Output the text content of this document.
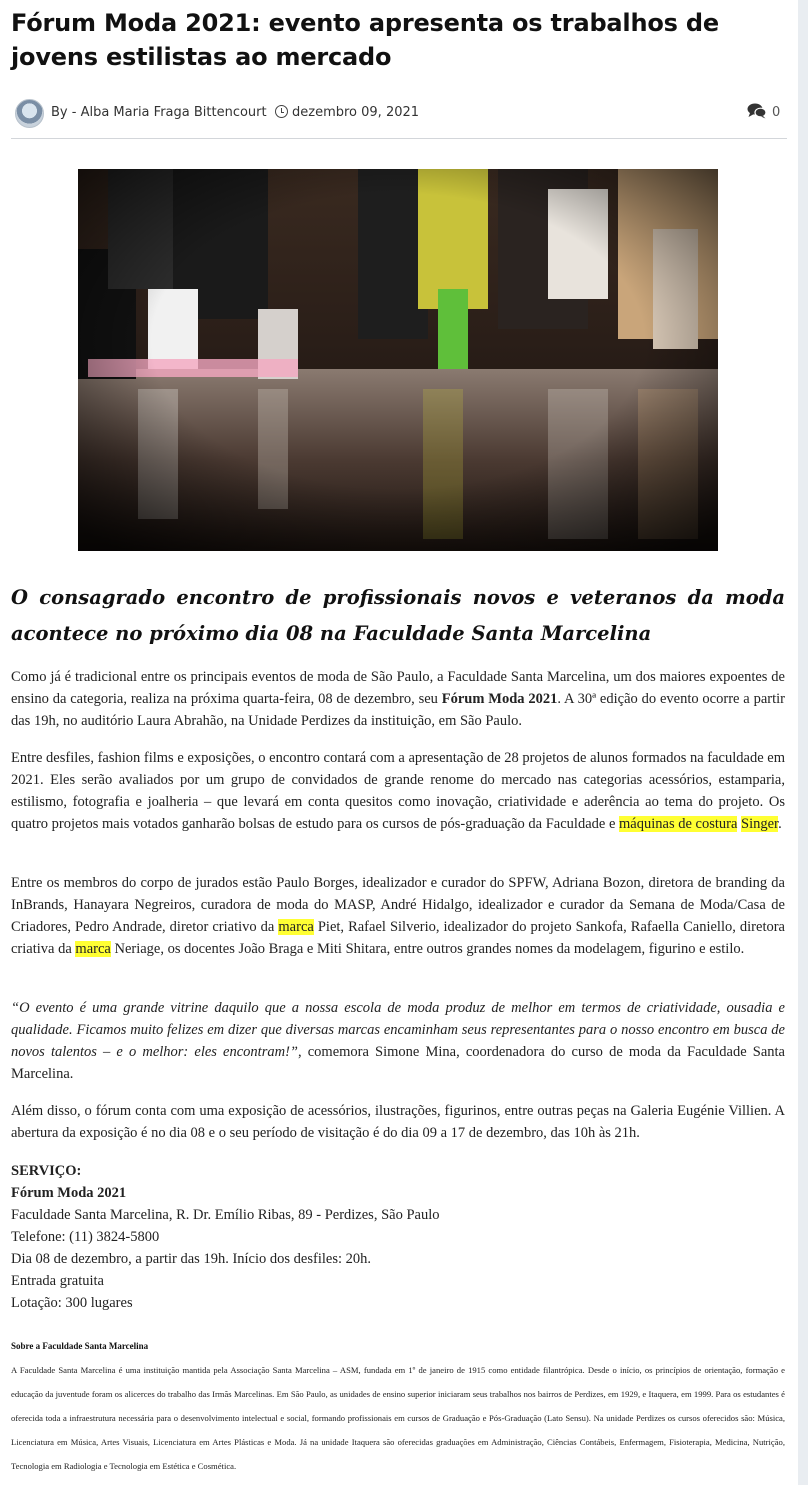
Fórum Moda 2021: evento apresenta os trabalhos de jovens estilistas ao mercado
By - Alba Maria Fraga Bittencourt dezembro 09, 2021	0
O consagrado encontro de profissionais novos e veteranos da moda acontece no próximo dia 08 na Faculdade Santa Marcelina

Como já é tradicional entre os principais eventos de moda de São Paulo, a Faculdade Santa Marcelina, um dos maiores expoentes de ensino da categoria, realiza na próxima quarta-feira, 08 de dezembro, seu Fórum Moda 2021. A 30ª edição do evento ocorre a partir das 19h, no auditório Laura Abrahão, na Unidade Perdizes da instituição, em São Paulo.

Entre desfiles, fashion films e exposições, o encontro contará com a apresentação de 28 projetos de alunos formados na faculdade em 2021. Eles serão avaliados por um grupo de convidados de grande renome do mercado nas categorias acessórios, estamparia, estilismo, fotografia e joalheria – que levará em conta quesitos como inovação, criatividade e aderência ao tema do projeto. Os quatro projetos mais votados ganharão bolsas de estudo para os cursos de pós-graduação da Faculdade e máquinas de costura Singer.

Entre os membros do corpo de jurados estão Paulo Borges, idealizador e curador do SPFW, Adriana Bozon, diretora de branding da InBrands, Hanayara Negreiros, curadora de moda do MASP, André Hidalgo, idealizador e curador da Semana de Moda/Casa de Criadores, Pedro Andrade, diretor criativo da marca Piet, Rafael Silverio, idealizador do projeto Sankofa, Rafaella Caniello, diretora criativa da marca Neriage, os docentes João Braga e Miti Shitara, entre outros grandes nomes da modelagem, figurino e estilo.

“O evento é uma grande vitrine daquilo que a nossa escola de moda produz de melhor em termos de criatividade, ousadia e qualidade. Ficamos muito felizes em dizer que diversas marcas encaminham seus representantes para o nosso encontro em busca de novos talentos – e o melhor: eles encontram!”, comemora Simone Mina, coordenadora do curso de moda da Faculdade Santa Marcelina.

Além disso, o fórum conta com uma exposição de acessórios, ilustrações, figurinos, entre outras peças na Galeria Eugénie Villien. A abertura da exposição é no dia 08 e o seu período de visitação é do dia 09 a 17 de dezembro, das 10h às 21h.

SERVIÇO:
Fórum Moda 2021
Faculdade Santa Marcelina, R. Dr. Emílio Ribas, 89 - Perdizes, São Paulo
Telefone: (11) 3824-5800
Dia 08 de dezembro, a partir das 19h. Início dos desfiles: 20h.
Entrada gratuita
Lotação: 300 lugares
Sobre a Faculdade Santa Marcelina

A Faculdade Santa Marcelina é uma instituição mantida pela Associação Santa Marcelina – ASM, fundada em 1º de janeiro de 1915 como entidade filantrópica. Desde o início, os princípios de orientação, formação e educação da juventude foram os alicerces do trabalho das Irmãs Marcelinas. Em São Paulo, as unidades de ensino superior iniciaram seus trabalhos nos bairros de Perdizes, em 1929, e Itaquera, em 1999. Para os estudantes é oferecida toda a infraestrutura necessária para o desenvolvimento intelectual e social, formando profissionais em cursos de Graduação e Pós-Graduação (Lato Sensu). Na unidade Perdizes os cursos oferecidos são: Música, Licenciatura em Música, Artes Visuais, Licenciatura em Artes Plásticas e Moda. Já na unidade Itaquera são oferecidas graduações em Administração, Ciências Contábeis, Enfermagem, Fisioterapia, Medicina, Nutrição, Tecnologia em Radiologia e Tecnologia em Estética e Cosmética.
